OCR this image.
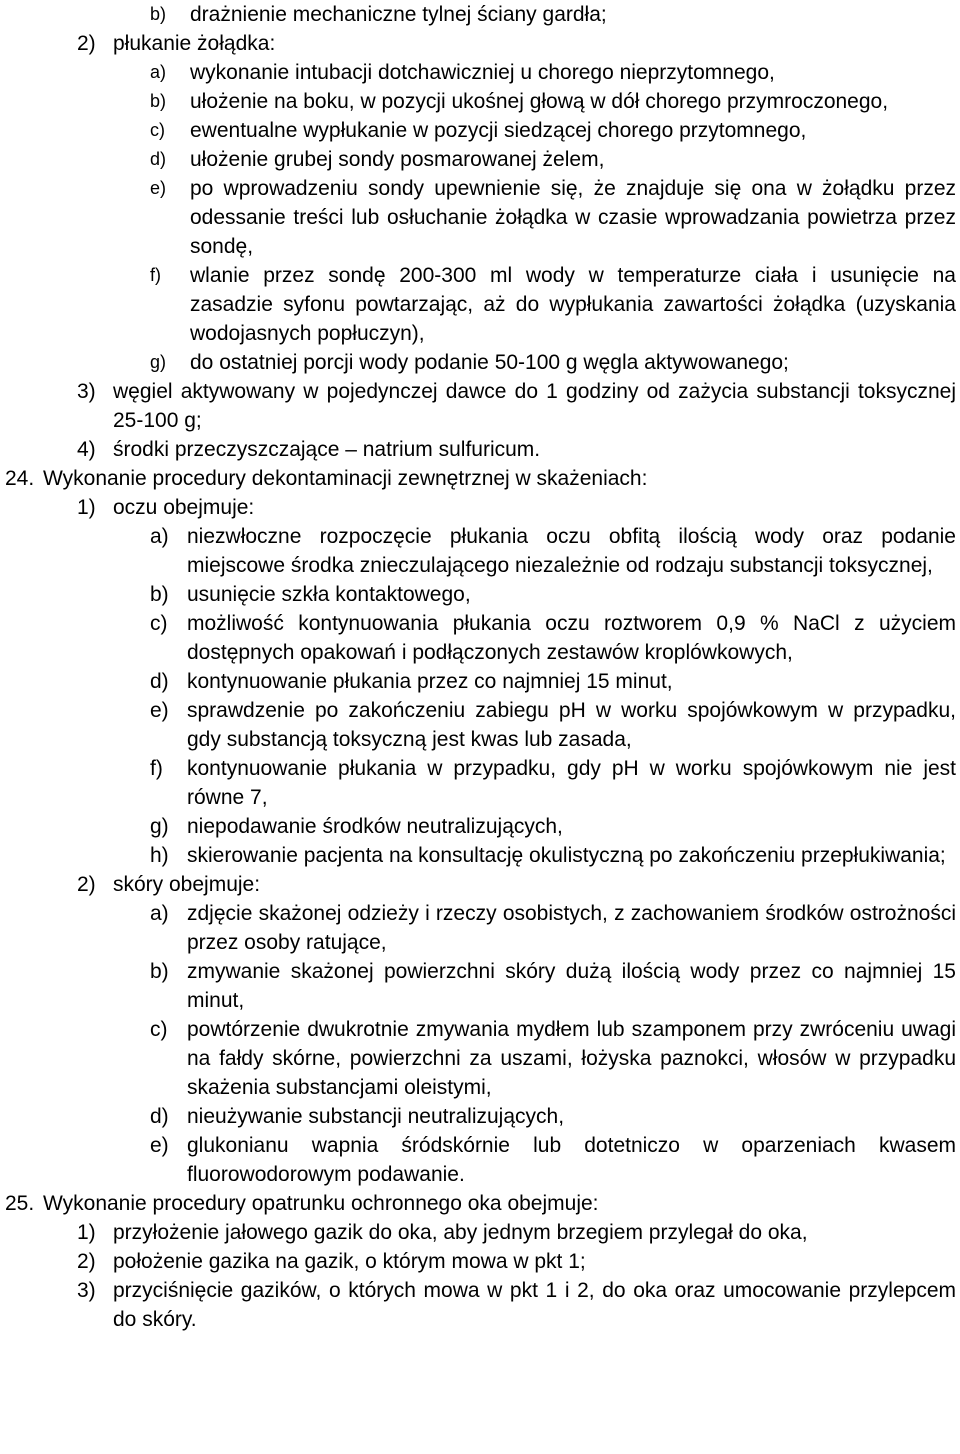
b)	drażnienie mechaniczne tylnej ściany gardła;
2) płukanie żołądka:
a)	wykonanie intubacji dotchawiczniej u chorego nieprzytomnego,
b)	ułożenie na boku, w pozycji ukośnej głową w dół chorego przymroczonego,
c)	ewentualne wypłukanie w pozycji siedzącej chorego przytomnego,
d)	ułożenie grubej sondy posmarowanej żelem,
e)	po wprowadzeniu sondy upewnienie się, że znajduje się ona w żołądku przez odessanie treści lub osłuchanie żołądka w czasie wprowadzania powietrza przez sondę,
f)	wlanie przez sondę 200-300 ml wody w temperaturze ciała i usunięcie na zasadzie syfonu powtarzając, aż do wypłukania zawartości żołądka (uzyskania wodojasnych popłuczyn),
g)	do ostatniej porcji wody podanie 50-100 g węgla aktywowanego;
3) węgiel aktywowany w pojedynczej dawce do 1 godziny od zażycia substancji toksycznej 25-100 g;
4) środki przeczyszczające – natrium sulfuricum.
24. Wykonanie procedury dekontaminacji zewnętrznej w skażeniach:
1) oczu obejmuje:
a) niezwłoczne rozpoczęcie płukania oczu obfitą ilością wody oraz podanie miejscowe środka znieczulającego niezależnie od rodzaju substancji toksycznej,
b) usunięcie szkła kontaktowego,
c) możliwość kontynuowania płukania oczu roztworem 0,9 % NaCl z użyciem dostępnych opakowań i podłączonych zestawów kroplówkowych,
d) kontynuowanie płukania przez co najmniej 15 minut,
e) sprawdzenie po zakończeniu zabiegu pH w worku spojówkowym w przypadku, gdy substancją toksyczną jest kwas lub zasada,
f)	kontynuowanie płukania w przypadku, gdy pH w worku spojówkowym nie jest równe 7,
g) niepodawanie środków neutralizujących,
h) skierowanie pacjenta na konsultację okulistyczną po zakończeniu przepłukiwania;
2) skóry obejmuje:
a) zdjęcie skażonej odzieży i rzeczy osobistych, z zachowaniem środków ostrożności przez osoby ratujące,
b) zmywanie skażonej powierzchni skóry dużą ilością wody przez co najmniej 15 minut,
c) powtórzenie dwukrotnie zmywania mydłem lub szamponem przy zwróceniu uwagi na fałdy skórne, powierzchni za uszami, łożyska paznokci, włosów w przypadku skażenia substancjami oleistymi,
d) nieużywanie substancji neutralizujących,
e) glukonianu wapnia śródskórnie lub dotetniczo w oparzeniach kwasem fluorowodorowym podawanie.
25. Wykonanie procedury opatrunku ochronnego oka obejmuje:
1) przyłożenie jałowego gazik do oka, aby jednym brzegiem przylegał do oka,
2) położenie gazika na gazik, o którym mowa w pkt 1;
3) przyciśnięcie gazików, o których mowa w pkt 1 i 2, do oka oraz umocowanie przylepcem do skóry.
